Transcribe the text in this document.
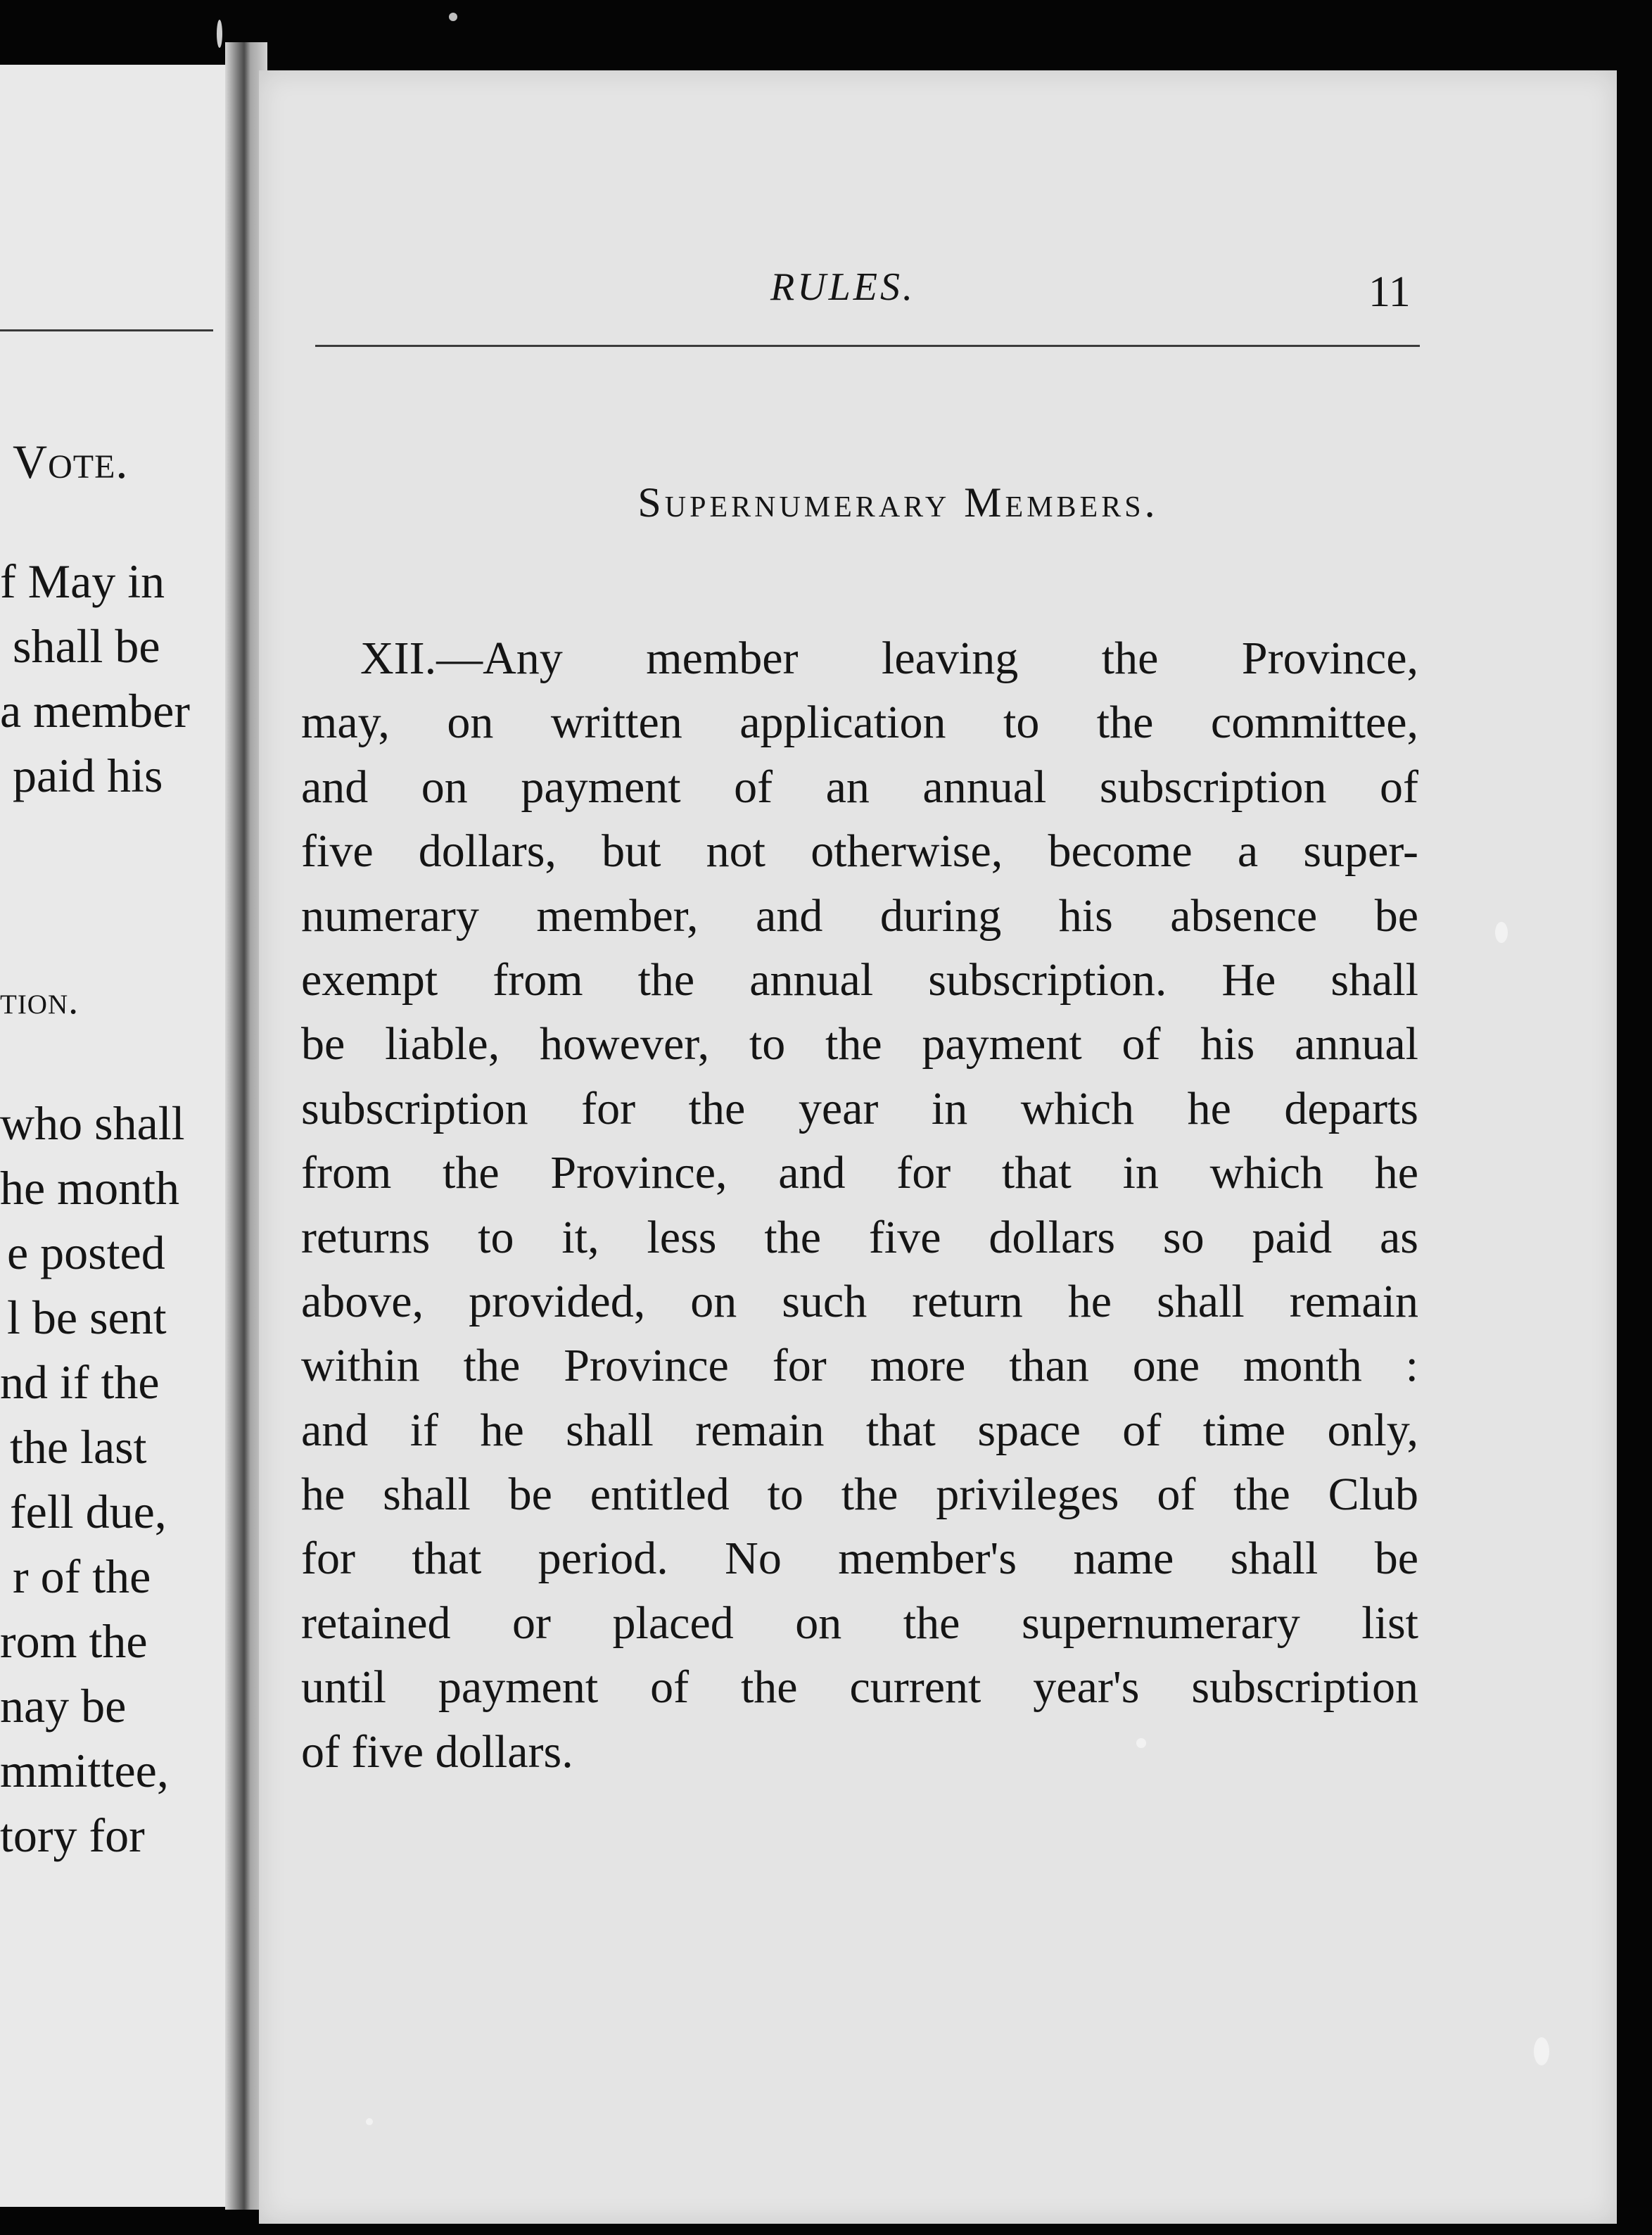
Vote.
f May in
shall be
a member
paid his
tion.
who shall
he month
e posted
l be sent
nd if the
the last
fell due,
r of the
rom the
nay be
mmittee,
tory for
RULES.	11
Supernumerary Members.
XII.—Any member leaving the Province,
may, on written application to the committee,
and on payment of an annual subscription of
five dollars, but not otherwise, become a super-
numerary member, and during his absence be
exempt from the annual subscription. He shall
be liable, however, to the payment of his annual
subscription for the year in which he departs
from the Province, and for that in which he
returns to it, less the five dollars so paid as
above, provided, on such return he shall remain
within the Province for more than one month :
and if he shall remain that space of time only,
he shall be entitled to the privileges of the Club
for that period. No member's name shall be
retained or placed on the supernumerary list
until payment of the current year's subscription
of five dollars.
